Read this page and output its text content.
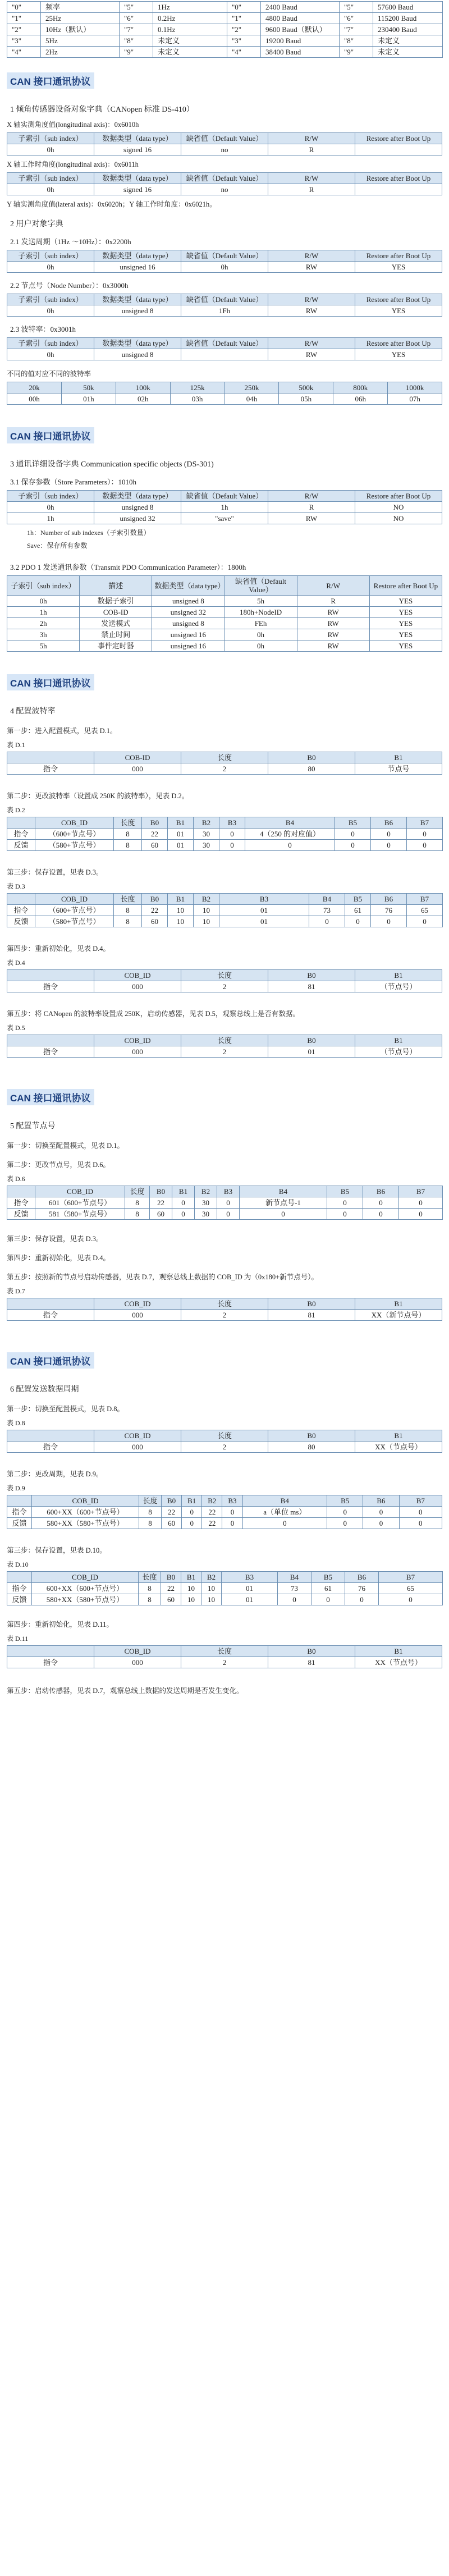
"0"	频率	"5"	1Hz	"0"	2400 Baud	"5"	57600 Baud
"1"	25Hz	"6"	0.2Hz	"1"	4800 Baud	"6"	115200 Baud
"2"	10Hz（默认）	"7"	0.1Hz	"2"	9600 Baud（默认）	"7"	230400 Baud
"3"	5Hz	"8"	未定义	"3"	19200 Baud	"8"	未定义
"4"	2Hz	"9"	未定义	"4"	38400 Baud	"9"	未定义
CAN 接口通讯协议
1 倾角传感器设备对象字典（CANopen 标准 DS-410）
X 轴实测角度值(longitudinal axis)：0x6010h
子索引（sub index）	数据类型（data type）	缺省值（Default Value）	R/W	Restore after Boot Up
0h	signed 16	no	R	
X 轴工作时角度(longitudinal axis)：0x6011h
子索引（sub index）	数据类型（data type）	缺省值（Default Value）	R/W	Restore after Boot Up
0h	signed 16	no	R	
Y 轴实测角度值(lateral axis)：0x6020h；Y 轴工作时角度：0x6021h。
2 用户对象字典
2.1 发送周期（1Hz ～10Hz）：0x2200h
子索引（sub index）	数据类型（data type）	缺省值（Default Value）	R/W	Restore after Boot Up
0h	unsigned 16	0h	RW	YES
2.2 节点号（Node Number）：0x3000h
子索引（sub index）	数据类型（data type）	缺省值（Default Value）	R/W	Restore after Boot Up
0h	unsigned 8	1Fh	RW	YES
2.3 波特率：0x3001h
子索引（sub index）	数据类型（data type）	缺省值（Default Value）	R/W	Restore after Boot Up
0h	unsigned 8		RW	YES
不同的值对应不同的波特率
20k	50k	100k	125k	250k	500k	800k	1000k
00h	01h	02h	03h	04h	05h	06h	07h
CAN 接口通讯协议
3 通讯详细设备字典 Communication specific objects (DS-301)
3.1 保存参数（Store Parameters）：1010h
子索引（sub index）	数据类型（data type）	缺省值（Default Value）	R/W	Restore after Boot Up
0h	unsigned 8	1h	R	NO
1h	unsigned 32	"save"	RW	NO
1h：Number of sub indexes（子索引数量）
Save：保存所有参数
3.2 PDO 1 发送通讯参数（Transmit PDO Communication Parameter）：1800h
子索引（sub index）	描述	数据类型（data type）	缺省值（Default Value）	R/W	Restore after Boot Up
0h	数据子索引	unsigned 8	5h	R	YES
1h	COB-ID	unsigned 32	180h+NodeID	RW	YES
2h	发送模式	unsigned 8	FEh	RW	YES
3h	禁止时间	unsigned 16	0h	RW	YES
5h	事件定时器	unsigned 16	0h	RW	YES
CAN 接口通讯协议
4 配置波特率
第一步：进入配置模式，见表 D.1。
表 D.1
	COB-ID	长度	B0	B1
指令	000	2	80	节点号
第二步：更改波特率（设置成 250K 的波特率），见表 D.2。
表 D.2
	COB_ID	长度	B0	B1	B2	B3	B4	B5	B6	B7
指令	（600+节点号）	8	22	01	30	0	4（250 的对应值）	0	0	0
反馈	（580+节点号）	8	60	01	30	0	0	0	0	0
第三步：保存设置，见表 D.3。
表 D.3
	COB_ID	长度	B0	B1	B2	B3	B4	B5	B6	B7
指令	（600+节点号）	8	22	10	10	01	73	61	76	65
反馈	（580+节点号）	8	60	10	10	01	0	0	0	0
第四步：重新初始化，见表 D.4。
表 D.4
	COB_ID	长度	B0	B1
指令	000	2	81	（节点号）
第五步：将 CANopen 的波特率设置成 250K，启动传感器，见表 D.5，观察总线上是否有数据。
表 D.5
	COB_ID	长度	B0	B1
指令	000	2	01	（节点号）
CAN 接口通讯协议
5 配置节点号
第一步：切换至配置模式，见表 D.1。
第二步：更改节点号，见表 D.6。
表 D.6
	COB_ID	长度	B0	B1	B2	B3	B4	B5	B6	B7
指令	601（600+节点号）	8	22	0	30	0	新节点号-1	0	0	0
反馈	581（580+节点号）	8	60	0	30	0	0	0	0	0
第三步：保存设置，见表 D.3。
第四步：重新初始化，见表 D.4。
第五步：按照新的节点号启动传感器，见表 D.7，观察总线上数据的 COB_ID 为（0x180+新节点号）。
表 D.7
	COB_ID	长度	B0	B1
指令	000	2	81	XX（新节点号）
CAN 接口通讯协议
6 配置发送数据周期
第一步：切换至配置模式，见表 D.8。
表 D.8
	COB_ID	长度	B0	B1
指令	000	2	80	XX（节点号）
第二步：更改周期，见表 D.9。
表 D.9
	COB_ID	长度	B0	B1	B2	B3	B4	B5	B6	B7
指令	600+XX（600+节点号）	8	22	0	22	0	a（单位 ms）	0	0	0
反馈	580+XX（580+节点号）	8	60	0	22	0	0	0	0	0
第三步：保存设置，见表 D.10。
表 D.10
	COB_ID	长度	B0	B1	B2	B3	B4	B5	B6	B7
指令	600+XX（600+节点号）	8	22	10	10	01	73	61	76	65
反馈	580+XX（580+节点号）	8	60	10	10	01	0	0	0	0
第四步：重新初始化，见表 D.11。
表 D.11
	COB_ID	长度	B0	B1
指令	000	2	81	XX（节点号）
第五步：启动传感器，见表 D.7，观察总线上数据的发送周期是否发生变化。
